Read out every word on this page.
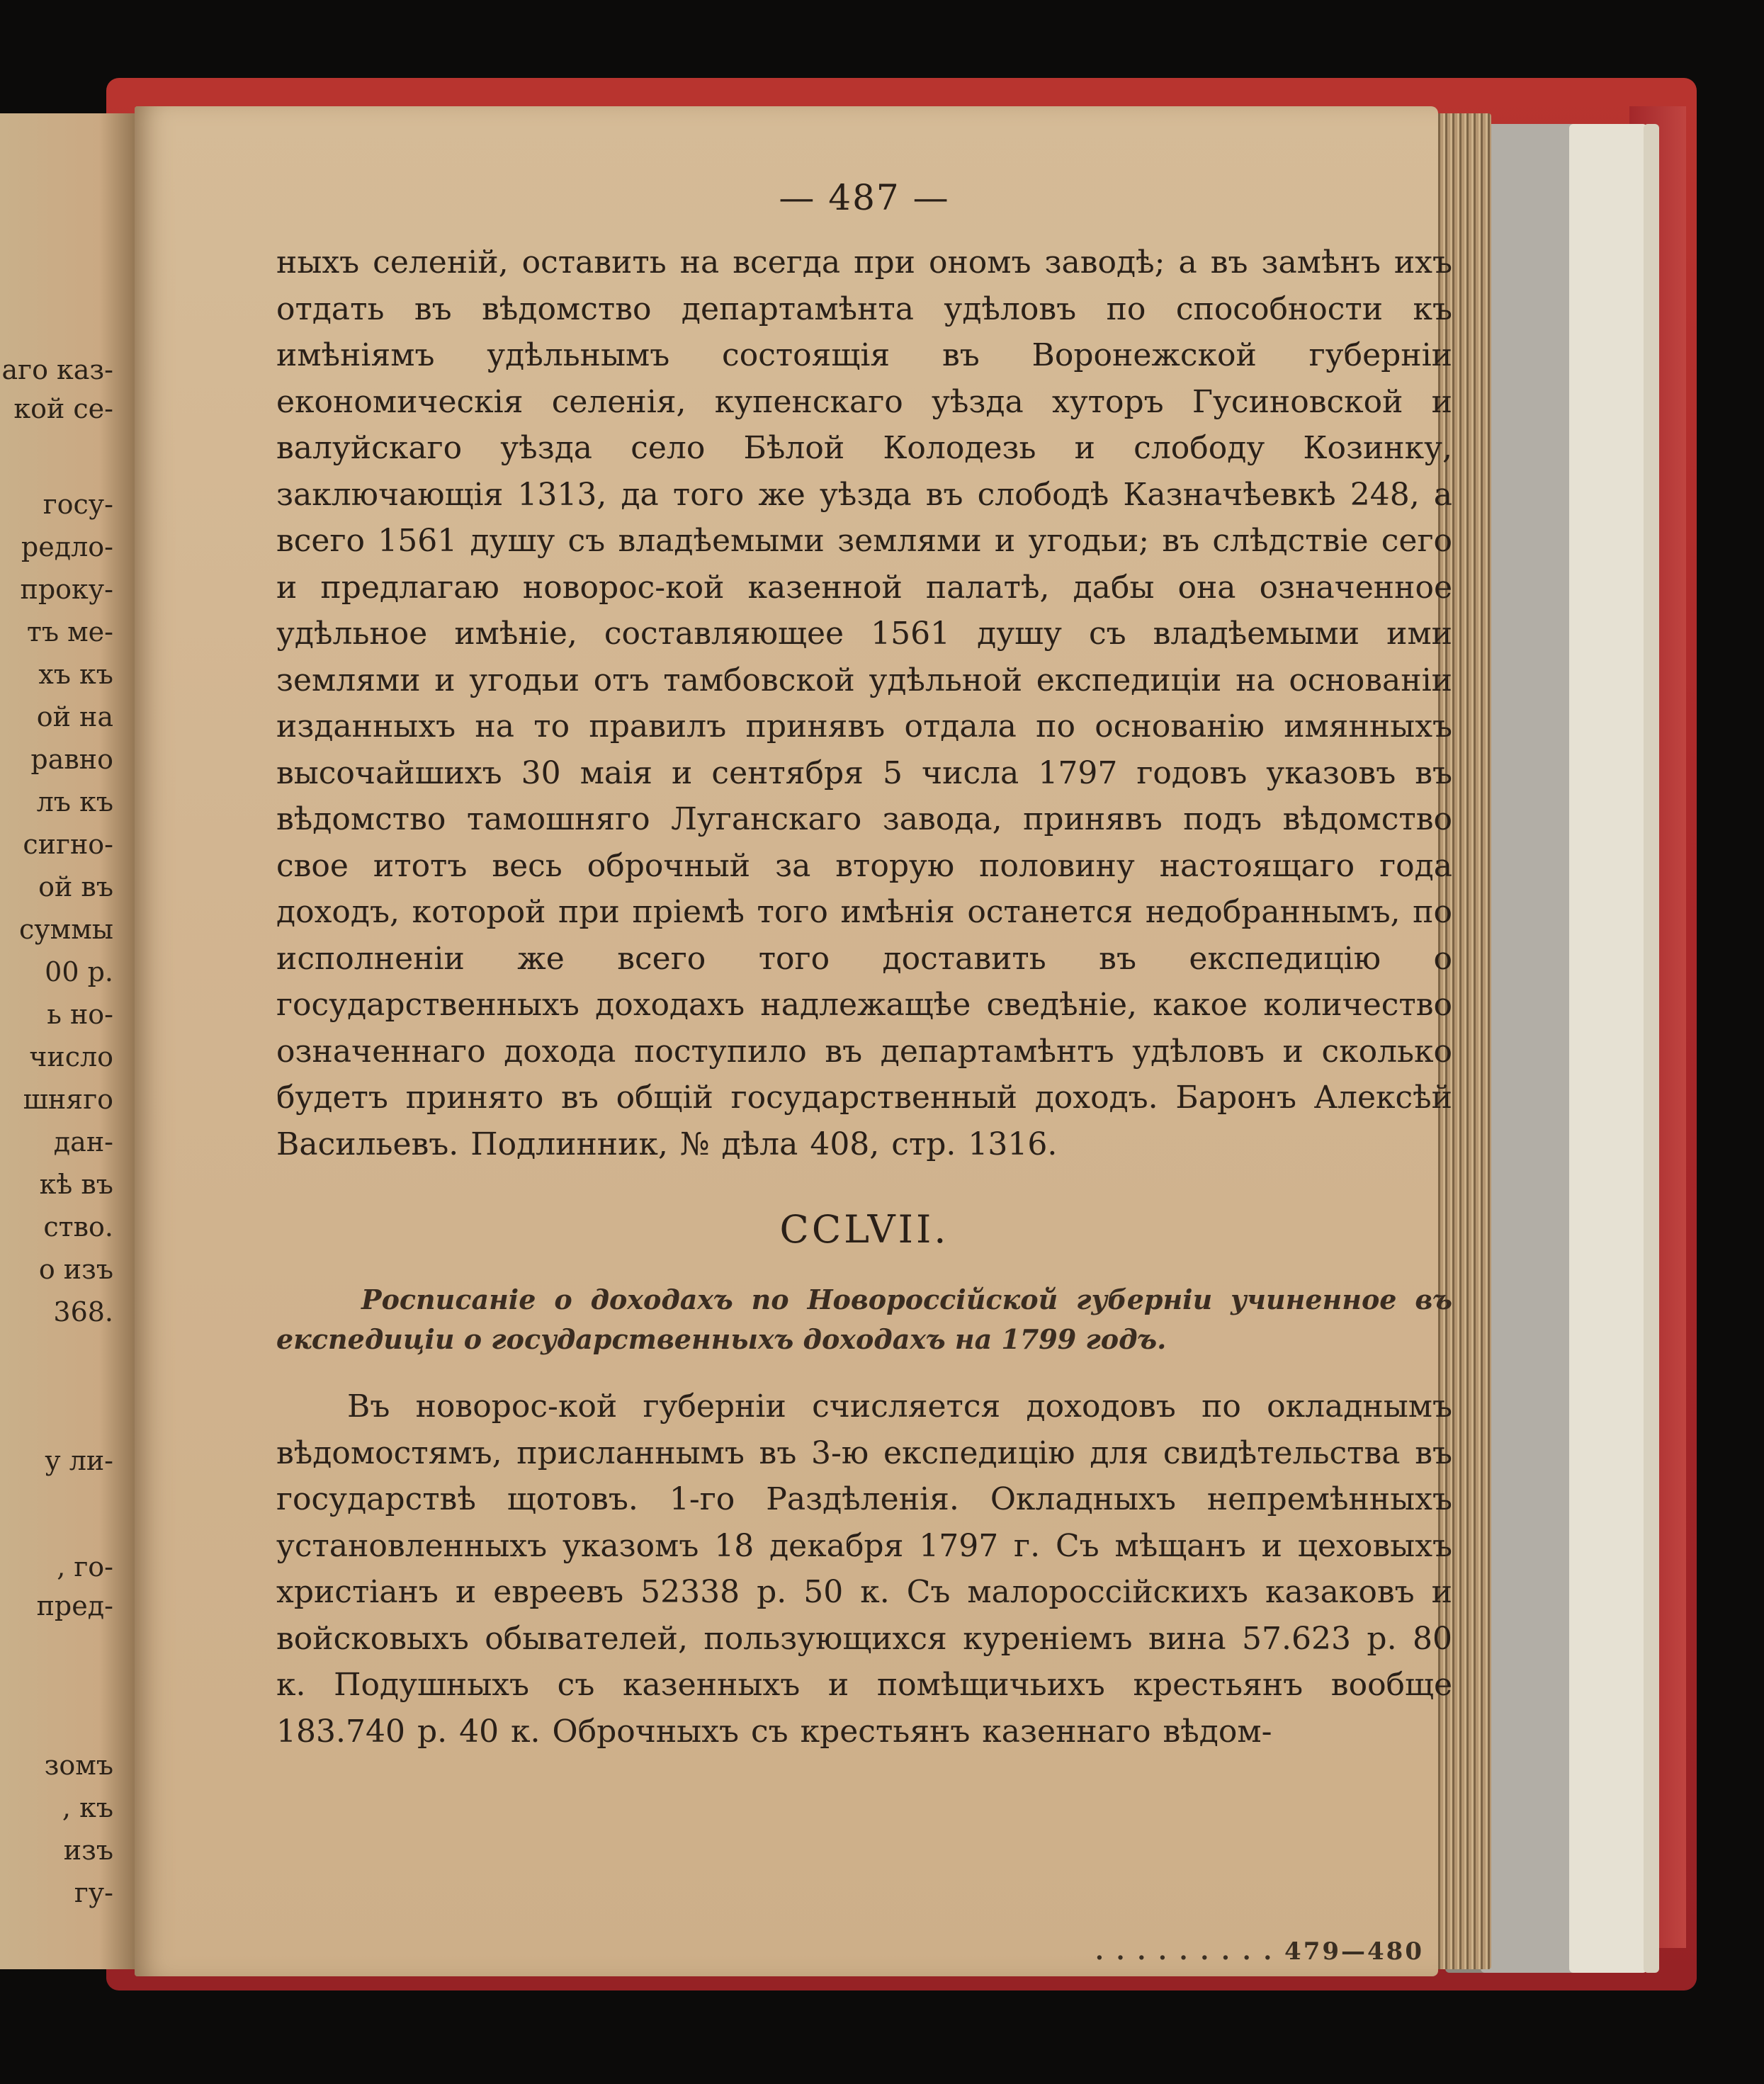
аго каз-
кой се-
госу-
редло-
проку-
тъ ме-
хъ къ
ой на
равно
лъ къ
сигно-
ой въ
суммы
00 р.
ь но-
число
шняго
дан-
кѣ въ
ство.
о изъ
368.
у ли-
, го-
пред-
зомъ
, къ
изъ
гу-
— 487 —

ныхъ селеній, оставить на всегда при ономъ заводѣ; а въ замѣнъ ихъ отдать въ вѣдомство департамѣнта удѣловъ по способности къ имѣніямъ удѣльнымъ состоящія въ Воронежской губерніи економическія селенія, купенскаго уѣзда хуторъ Гусиновской и валуйскаго уѣзда село Бѣлой Колодезь и слободу Козинку, заключающія 1313, да того же уѣзда въ слободѣ Казначѣевкѣ 248, а всего 1561 душу съ владѣемыми землями и угодьи; въ слѣдствіе сего и предлагаю новорос-кой казенной палатѣ, дабы она означенное удѣльное имѣніе, составляющее 1561 душу съ владѣемыми ими землями и угодьи отъ тамбовской удѣльной експедиціи на основаніи изданныхъ на то правилъ принявъ отдала по основанію имянныхъ высочайшихъ 30 маія и сентября 5 числа 1797 годовъ указовъ въ вѣдомство тамошняго Луганскаго завода, принявъ подъ вѣдомство свое итотъ весь оброчный за вторую половину настоящаго года доходъ, которой при пріемѣ того имѣнія останется недобраннымъ, по исполненіи же всего того доставить въ експедицію о государственныхъ доходахъ надлежащѣе сведѣніе, какое количество означеннаго дохода поступило въ департамѣнтъ удѣловъ и сколько будетъ принято въ общій государственный доходъ. Баронъ Алексѣй Васильевъ. Подлинник, № дѣла 408, стр. 1316.

CCLVII.

Росписаніе о доходахъ по Новороссійской губерніи учиненное въ експедиціи о государственныхъ доходахъ на 1799 годъ.

Въ новорос-кой губерніи счисляется доходовъ по окладнымъ вѣдомостямъ, присланнымъ въ 3-ю експедицію для свидѣтельства въ государствѣ щотовъ. 1-го Раздѣленія. Окладныхъ непремѣнныхъ установленныхъ указомъ 18 декабря 1797 г. Съ мѣщанъ и цеховыхъ христіанъ и евреевъ 52338 р. 50 к. Съ малороссійскихъ казаковъ и войсковыхъ обывателей, пользующихся куреніемъ вина 57.623 р. 80 к. Подушныхъ съ казенныхъ и помѣщичьихъ крестьянъ вообще 183.740 р. 40 к. Оброчныхъ съ крестьянъ казеннаго вѣдом-

. . . . . . . . . 479—480
